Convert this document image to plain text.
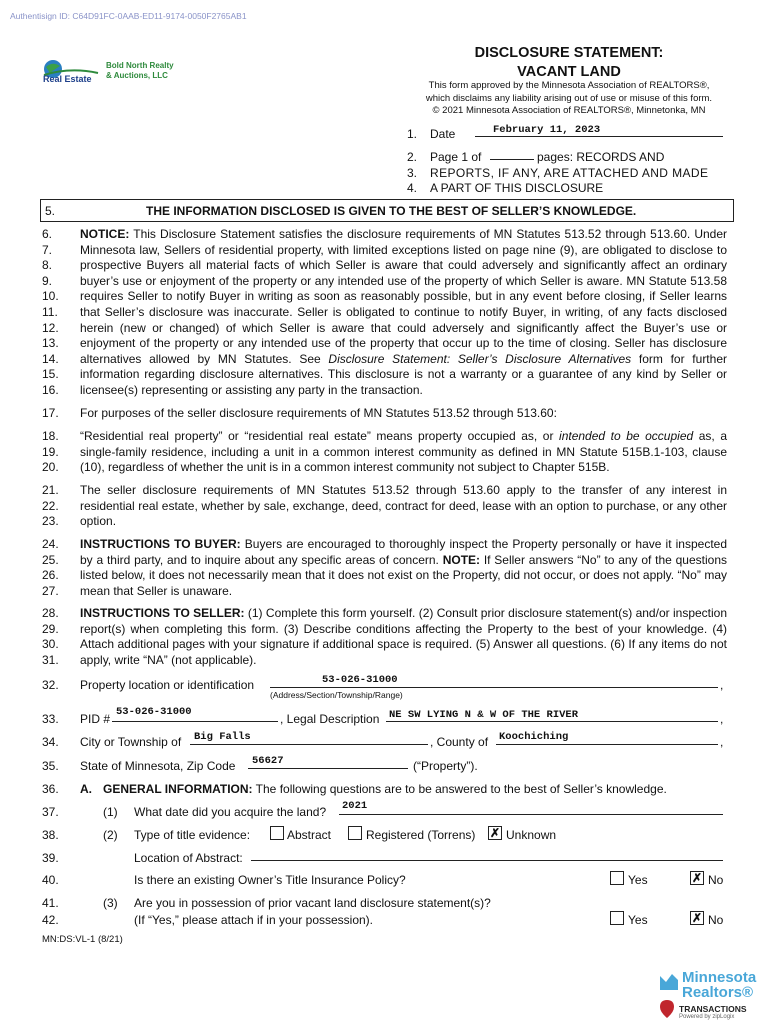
Authentisign ID: C64D91FC-0AAB-ED11-9174-0050F2765AB1
Bold North Realty
& Auctions, LLC
Real Estate
DISCLOSURE STATEMENT:
VACANT LAND
This form approved by the Minnesota Association of REALTORS®,
which disclaims any liability arising out of use or misuse of this form.
© 2021 Minnesota Association of REALTORS®, Minnetonka, MN
1. Date	February 11, 2023
2. Page 1 of	pages: RECORDS AND
3. REPORTS, IF ANY, ARE ATTACHED AND MADE
4. A PART OF THIS DISCLOSURE
5.	THE INFORMATION DISCLOSED IS GIVEN TO THE BEST OF SELLER’S KNOWLEDGE.
6.
7.
8.
9.
10.
11.
12.
13.
14.
15.
16.
NOTICE: This Disclosure Statement satisfies the disclosure requirements of MN Statutes 513.52 through 513.60. Under Minnesota law, Sellers of residential property, with limited exceptions listed on page nine (9), are obligated to disclose to prospective Buyers all material facts of which Seller is aware that could adversely and significantly affect an ordinary buyer’s use or enjoyment of the property or any intended use of the property of which Seller is aware. MN Statute 513.58 requires Seller to notify Buyer in writing as soon as reasonably possible, but in any event before closing, if Seller learns that Seller’s disclosure was inaccurate. Seller is obligated to continue to notify Buyer, in writing, of any facts disclosed herein (new or changed) of which Seller is aware that could adversely and significantly affect the Buyer’s use or enjoyment of the property or any intended use of the property that occur up to the time of closing. Seller has disclosure alternatives allowed by MN Statutes. See Disclosure Statement: Seller’s Disclosure Alternatives form for further information regarding disclosure alternatives. This disclosure is not a warranty or a guarantee of any kind by Seller or licensee(s) representing or assisting any party in the transaction.
17.	For purposes of the seller disclosure requirements of MN Statutes 513.52 through 513.60:
18.
19.
20.
“Residential real property” or “residential real estate” means property occupied as, or intended to be occupied as, a single-family residence, including a unit in a common interest community as defined in MN Statute 515B.1-103, clause (10), regardless of whether the unit is in a common interest community not subject to Chapter 515B.
21.
22.
23.
The seller disclosure requirements of MN Statutes 513.52 through 513.60 apply to the transfer of any interest in residential real estate, whether by sale, exchange, deed, contract for deed, lease with an option to purchase, or any other option.
24.
25.
26.
27.
INSTRUCTIONS TO BUYER: Buyers are encouraged to thoroughly inspect the Property personally or have it inspected by a third party, and to inquire about any specific areas of concern. NOTE: If Seller answers “No” to any of the questions listed below, it does not necessarily mean that it does not exist on the Property, did not occur, or does not apply. “No” may mean that Seller is unaware.
28.
29.
30.
31.
INSTRUCTIONS TO SELLER: (1) Complete this form yourself. (2) Consult prior disclosure statement(s) and/or inspection report(s) when completing this form. (3) Describe conditions affecting the Property to the best of your knowledge. (4) Attach additional pages with your signature if additional space is required. (5) Answer all questions. (6) If any items do not apply, write “NA” (not applicable).
32.	Property location or identification	53-026-31000	,
(Address/Section/Township/Range)
33.	PID # 53-026-31000	, Legal Description NE SW LYING N & W OF THE RIVER	,
34.	City or Township of Big Falls	, County of Koochiching	,
35.	State of Minnesota, Zip Code 56627	(“Property”).
36.	A. GENERAL INFORMATION: The following questions are to be answered to the best of Seller’s knowledge.
37.	(1) What date did you acquire the land? 2021
38.	(2) Type of title evidence:	Abstract	Registered (Torrens) ✗ Unknown
39.	Location of Abstract:
40.	Is there an existing Owner’s Title Insurance Policy?	Yes	✗ No
41.	(3) Are you in possession of prior vacant land disclosure statement(s)?
42.	(If “Yes,” please attach if in your possession).	Yes	✗ No
MN:DS:VL-1 (8/21)
Minnesota
Realtors®
TRANSACTIONS
Powered by zipLogix
